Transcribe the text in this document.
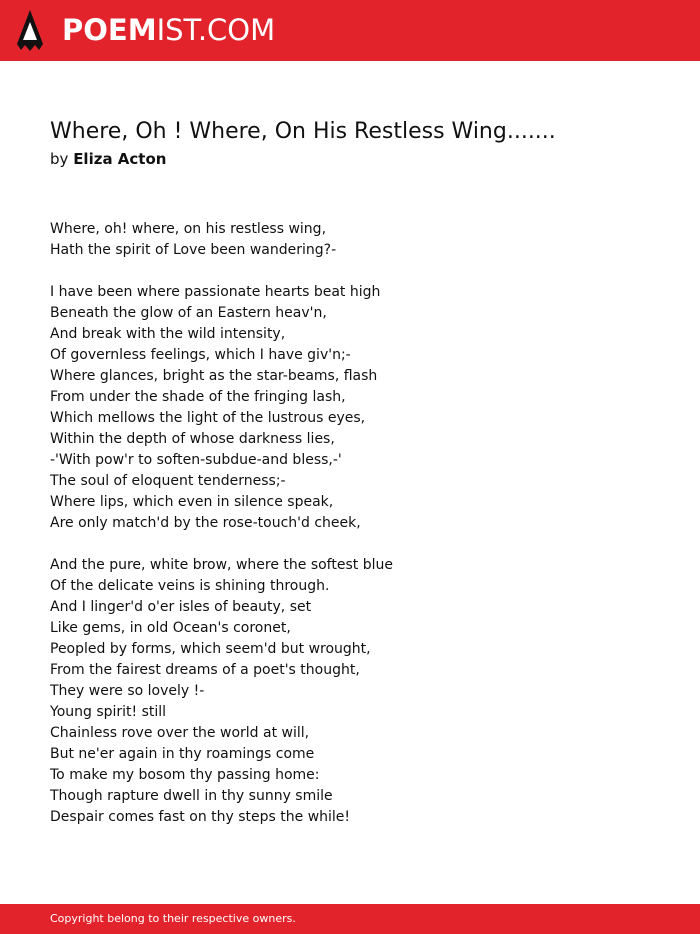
POEMIST.COM
Where, Oh ! Where, On His Restless Wing.......
by Eliza Acton
Where, oh! where, on his restless wing,
Hath the spirit of Love been wandering?-
I have been where passionate hearts beat high
Beneath the glow of an Eastern heav'n,
And break with the wild intensity,
Of governless feelings, which I have giv'n;-
Where glances, bright as the star-beams, flash
From under the shade of the fringing lash,
Which mellows the light of the lustrous eyes,
Within the depth of whose darkness lies,
-'With pow'r to soften-subdue-and bless,-'
The soul of eloquent tenderness;-
Where lips, which even in silence speak,
Are only match'd by the rose-touch'd cheek,
And the pure, white brow, where the softest blue
Of the delicate veins is shining through.
And I linger'd o'er isles of beauty, set
Like gems, in old Ocean's coronet,
Peopled by forms, which seem'd but wrought,
From the fairest dreams of a poet's thought,
They were so lovely !-
Young spirit! still
Chainless rove over the world at will,
But ne'er again in thy roamings come
To make my bosom thy passing home:
Though rapture dwell in thy sunny smile
Despair comes fast on thy steps the while!
Copyright belong to their respective owners.
